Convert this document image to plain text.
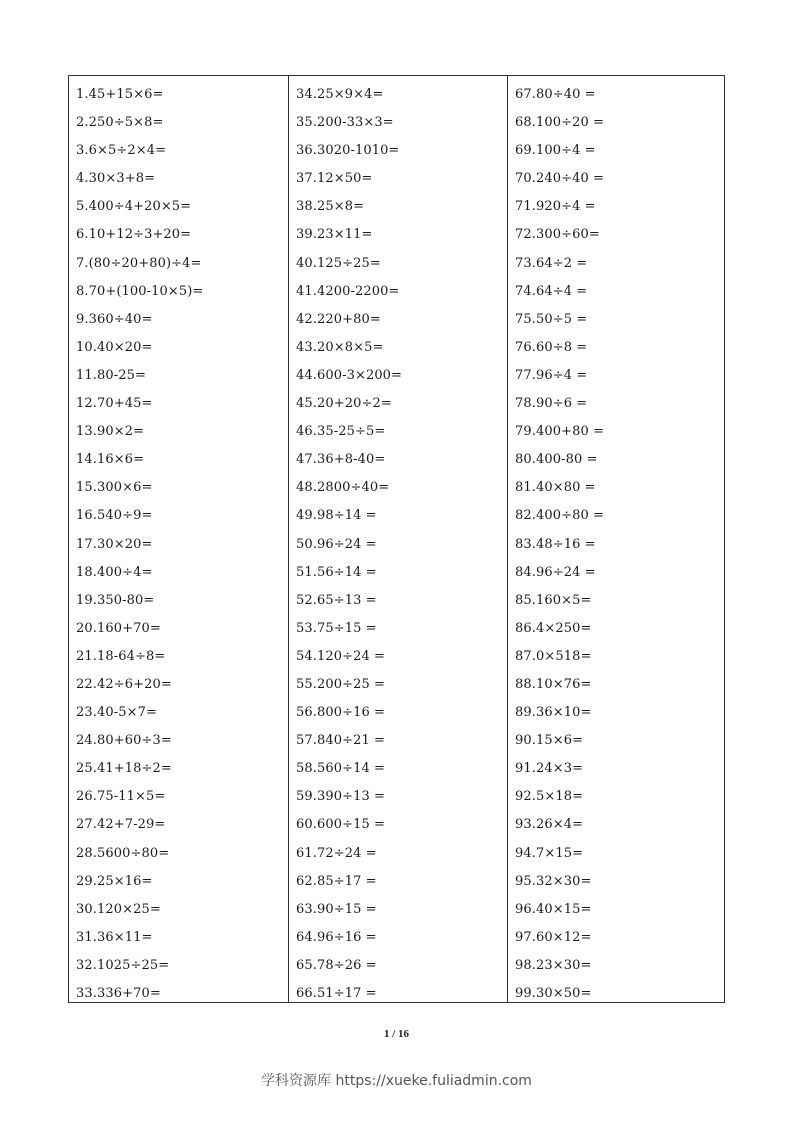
1.45+15×6=
2.250÷5×8=
3.6×5÷2×4=
4.30×3+8=
5.400÷4+20×5=
6.10+12÷3+20=
7.(80÷20+80)÷4=
8.70+(100-10×5)=
9.360÷40=
10.40×20=
11.80-25=
12.70+45=
13.90×2=
14.16×6=
15.300×6=
16.540÷9=
17.30×20=
18.400÷4=
19.350-80=
20.160+70=
21.18-64÷8=
22.42÷6+20=
23.40-5×7=
24.80+60÷3=
25.41+18÷2=
26.75-11×5=
27.42+7-29=
28.5600÷80=
29.25×16=
30.120×25=
31.36×11=
32.1025÷25=
33.336+70=
34.25×9×4=
35.200-33×3=
36.3020-1010=
37.12×50=
38.25×8=
39.23×11=
40.125÷25=
41.4200-2200=
42.220+80=
43.20×8×5=
44.600-3×200=
45.20+20÷2=
46.35-25÷5=
47.36+8-40=
48.2800÷40=
49.98÷14 =
50.96÷24 =
51.56÷14 =
52.65÷13 =
53.75÷15 =
54.120÷24 =
55.200÷25 =
56.800÷16 =
57.840÷21 =
58.560÷14 =
59.390÷13 =
60.600÷15 =
61.72÷24 =
62.85÷17 =
63.90÷15 =
64.96÷16 =
65.78÷26 =
66.51÷17 =
67.80÷40 =
68.100÷20 =
69.100÷4 =
70.240÷40 =
71.920÷4 =
72.300÷60=
73.64÷2 =
74.64÷4 =
75.50÷5 =
76.60÷8 =
77.96÷4 =
78.90÷6 =
79.400+80 =
80.400-80 =
81.40×80 =
82.400÷80 =
83.48÷16 =
84.96÷24 =
85.160×5=
86.4×250=
87.0×518=
88.10×76=
89.36×10=
90.15×6=
91.24×3=
92.5×18=
93.26×4=
94.7×15=
95.32×30=
96.40×15=
97.60×12=
98.23×30=
99.30×50=
1 / 16
学科资源库 https://xueke.fuliadmin.com
